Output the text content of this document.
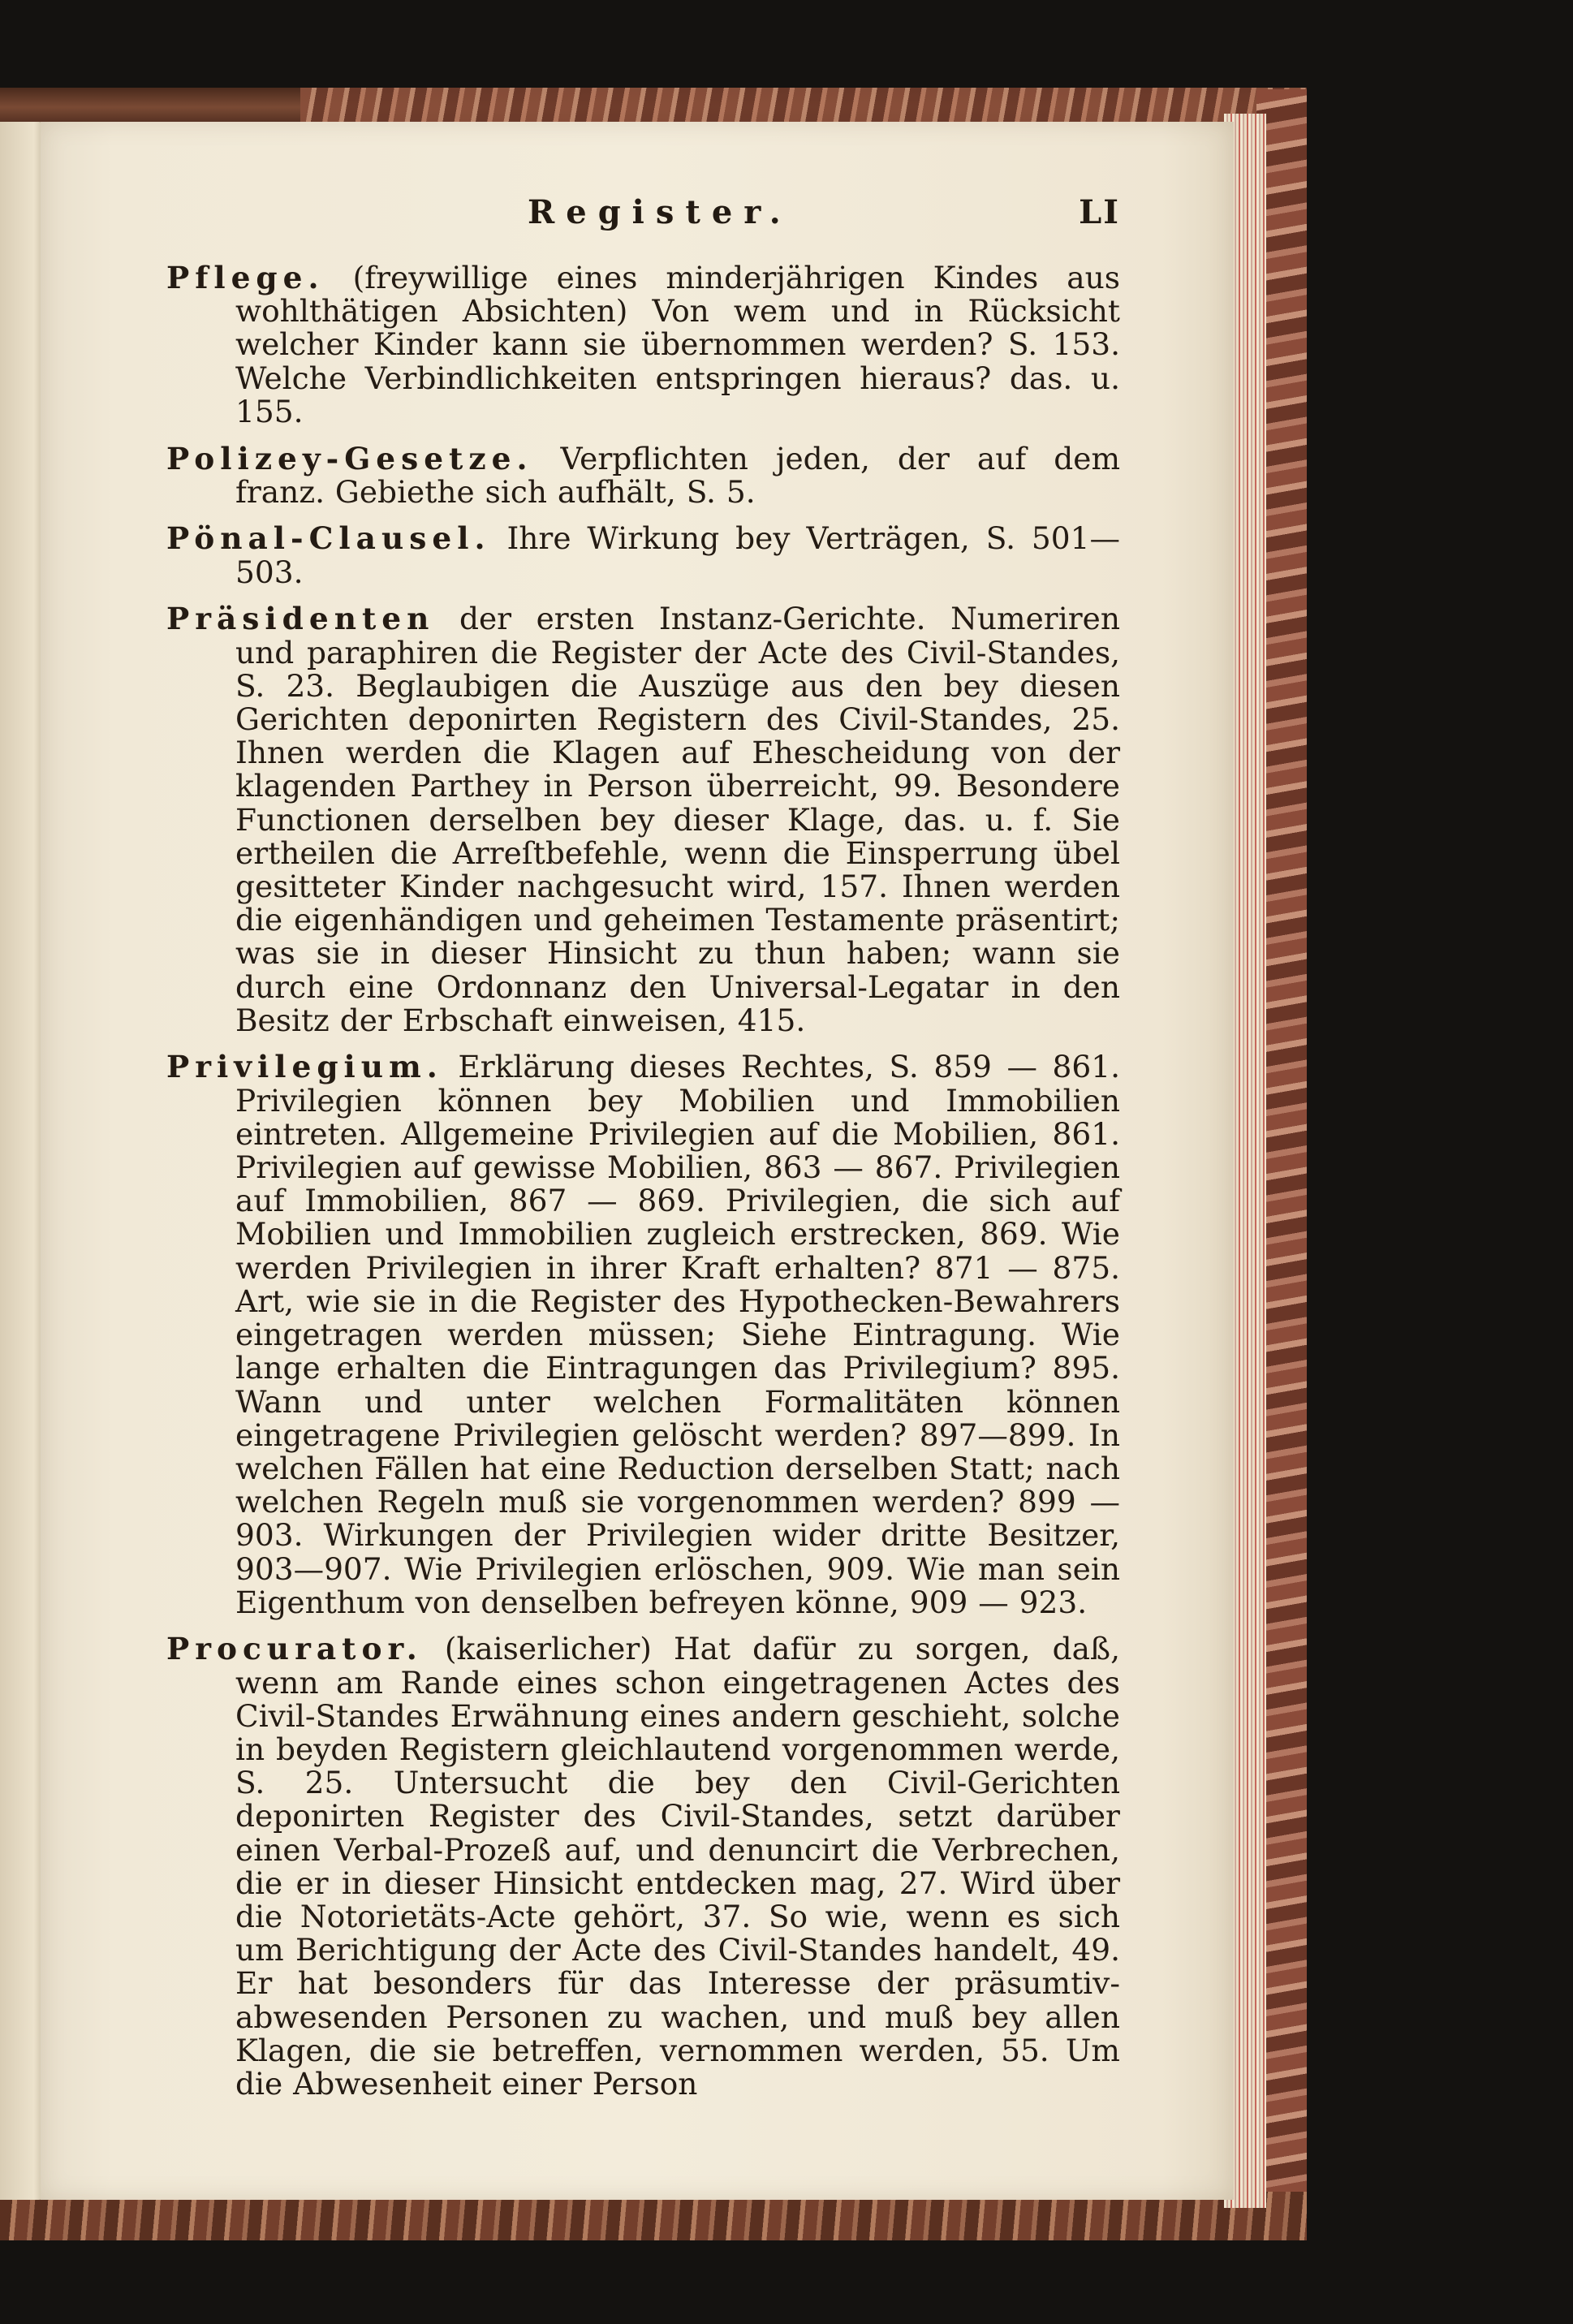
Register.	LI

Pflege. (freywillige eines minderjährigen Kindes aus wohlthätigen Absichten) Von wem und in Rücksicht welcher Kinder kann sie übernommen werden? S. 153. Welche Verbindlichkeiten entspringen hieraus? das. u. 155.

Polizey-Gesetze. Verpflichten jeden, der auf dem franz. Gebiethe sich aufhält, S. 5.

Pönal-Clausel. Ihre Wirkung bey Verträgen, S. 501—503.

Präsidenten der ersten Instanz-Gerichte. Numeriren und paraphiren die Register der Acte des Civil-Standes, S. 23. Beglaubigen die Auszüge aus den bey diesen Gerichten deponirten Registern des Civil-Standes, 25. Ihnen werden die Klagen auf Ehescheidung von der klagenden Parthey in Person überreicht, 99. Besondere Functionen derselben bey dieser Klage, das. u. f. Sie ertheilen die Arreſtbefehle, wenn die Einsperrung übel gesitteter Kinder nachgesucht wird, 157. Ihnen werden die eigenhändigen und geheimen Testamente präsentirt; was sie in dieser Hinsicht zu thun haben; wann sie durch eine Ordonnanz den Universal-Legatar in den Besitz der Erbschaft einweisen, 415.

Privilegium. Erklärung dieses Rechtes, S. 859 — 861. Privilegien können bey Mobilien und Immobilien eintreten. Allgemeine Privilegien auf die Mobilien, 861. Privilegien auf gewisse Mobilien, 863 — 867. Privilegien auf Immobilien, 867 — 869. Privilegien, die sich auf Mobilien und Immobilien zugleich erstrecken, 869. Wie werden Privilegien in ihrer Kraft erhalten? 871 — 875. Art, wie sie in die Register des Hypothecken-Bewahrers eingetragen werden müssen; Siehe Eintragung. Wie lange erhalten die Eintragungen das Privilegium? 895. Wann und unter welchen Formalitäten können eingetragene Privilegien gelöscht werden? 897—899. In welchen Fällen hat eine Reduction derselben Statt; nach welchen Regeln muß sie vorgenommen werden? 899 — 903. Wirkungen der Privilegien wider dritte Besitzer, 903—907. Wie Privilegien erlöschen, 909. Wie man sein Eigenthum von denselben befreyen könne, 909 — 923.

Procurator. (kaiserlicher) Hat dafür zu sorgen, daß, wenn am Rande eines schon eingetragenen Actes des Civil-Standes Erwähnung eines andern geschieht, solche in beyden Registern gleichlautend vorgenommen werde, S. 25. Untersucht die bey den Civil-Gerichten deponirten Register des Civil-Standes, setzt darüber einen Verbal-Prozeß auf, und denuncirt die Verbrechen, die er in dieser Hinsicht entdecken mag, 27. Wird über die Notorietäts-Acte gehört, 37. So wie, wenn es sich um Berichtigung der Acte des Civil-Standes handelt, 49. Er hat besonders für das Interesse der präsumtiv-abwesenden Personen zu wachen, und muß bey allen Klagen, die sie betreffen, vernommen werden, 55. Um die Abwesenheit einer Person
